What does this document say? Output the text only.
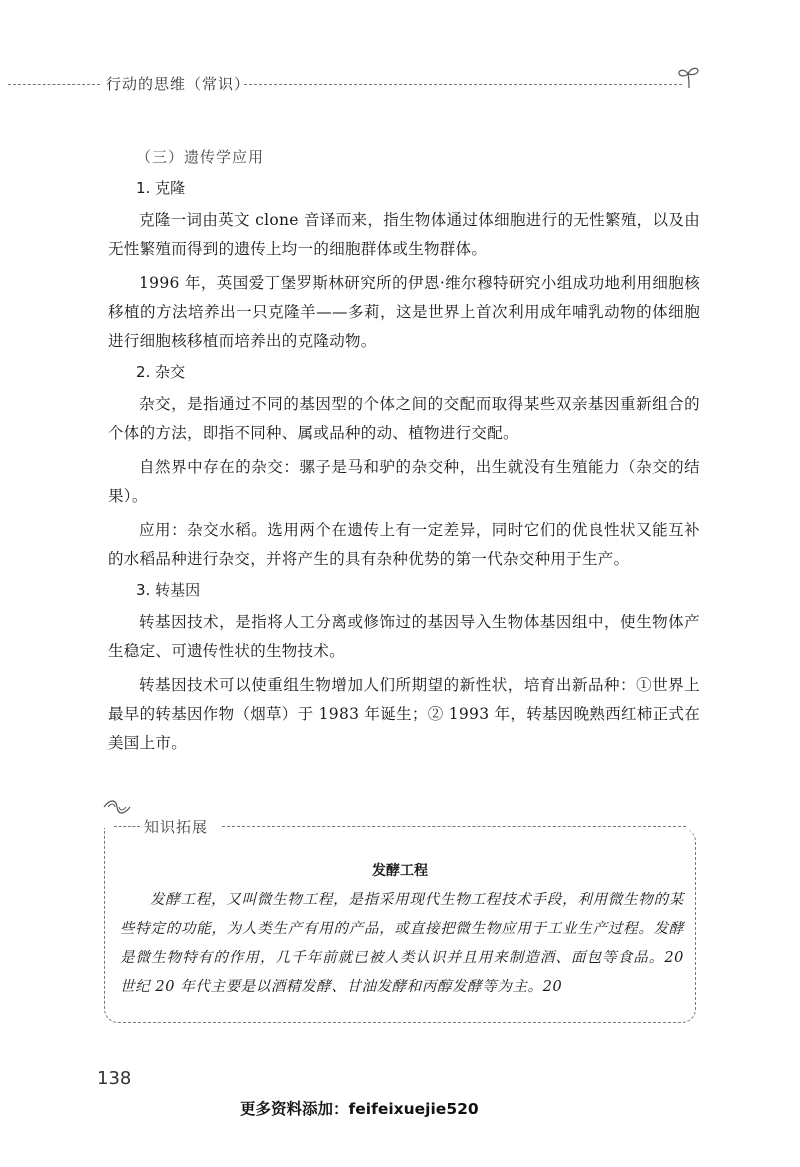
行动的思维（常识）
（三）遗传学应用
1. 克隆

克隆一词由英文 clone 音译而来，指生物体通过体细胞进行的无性繁殖，以及由无性繁殖而得到的遗传上均一的细胞群体或生物群体。

1996 年，英国爱丁堡罗斯林研究所的伊恩·维尔穆特研究小组成功地利用细胞核移植的方法培养出一只克隆羊——多莉，这是世界上首次利用成年哺乳动物的体细胞进行细胞核移植而培养出的克隆动物。

2. 杂交

杂交，是指通过不同的基因型的个体之间的交配而取得某些双亲基因重新组合的个体的方法，即指不同种、属或品种的动、植物进行交配。

自然界中存在的杂交：骡子是马和驴的杂交种，出生就没有生殖能力（杂交的结果）。

应用：杂交水稻。选用两个在遗传上有一定差异，同时它们的优良性状又能互补的水稻品种进行杂交，并将产生的具有杂种优势的第一代杂交种用于生产。

3. 转基因

转基因技术，是指将人工分离或修饰过的基因导入生物体基因组中，使生物体产生稳定、可遗传性状的生物技术。

转基因技术可以使重组生物增加人们所期望的新性状，培育出新品种：①世界上最早的转基因作物（烟草）于 1983 年诞生；② 1993 年，转基因晚熟西红柿正式在美国上市。

知识拓展
发酵工程
发酵工程，又叫微生物工程，是指采用现代生物工程技术手段，利用微生物的某些特定的功能，为人类生产有用的产品，或直接把微生物应用于工业生产过程。发酵是微生物特有的作用，几千年前就已被人类认识并且用来制造酒、面包等食品。20 世纪 20 年代主要是以酒精发酵、甘油发酵和丙醇发酵等为主。20
138
更多资料添加：feifeixuejie520
